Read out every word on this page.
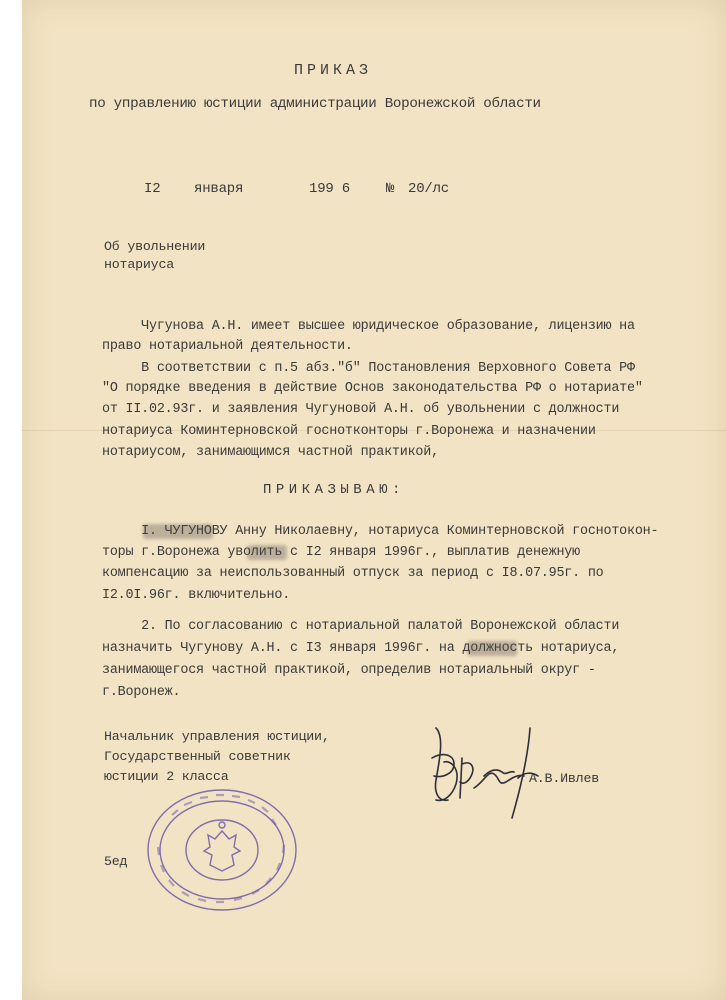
ПРИКАЗ
по управлению юстиции администрации Воронежской области
I2 января	199 6	№ 20/лс
Об увольнении
нотариуса
Чугунова А.Н. имеет высшее юридическое образование, лицензию на
право нотариальной деятельности.
В соответствии с п.5 абз."б" Постановления Верховного Совета РФ
"О порядке введения в действие Основ законодательства РФ о нотариате"
от II.02.93г. и заявления Чугуновой А.Н. об увольнении с должности
нотариуса Коминтерновской госнотконторы г.Воронежа и назначении
нотариусом, занимающимся частной практикой,
ПРИКАЗЫВАЮ:
I. ЧУГУНОВУ Анну Николаевну, нотариуса Коминтерновской госнотокон-
торы г.Воронежа уволить с I2 января 1996г., выплатив денежную
компенсацию за неиспользованный отпуск за период с I8.07.95г. по
I2.0I.96г. включительно.
2. По согласованию с нотариальной палатой Воронежской области
назначить Чугунову А.Н. с I3 января 1996г. на должность нотариуса,
занимающегося частной практикой, определив нотариальный округ -
г.Воронеж.
Начальник управления юстиции,
Государственный советник
юстиции 2 класса	А.В.Ивлев
5ед
